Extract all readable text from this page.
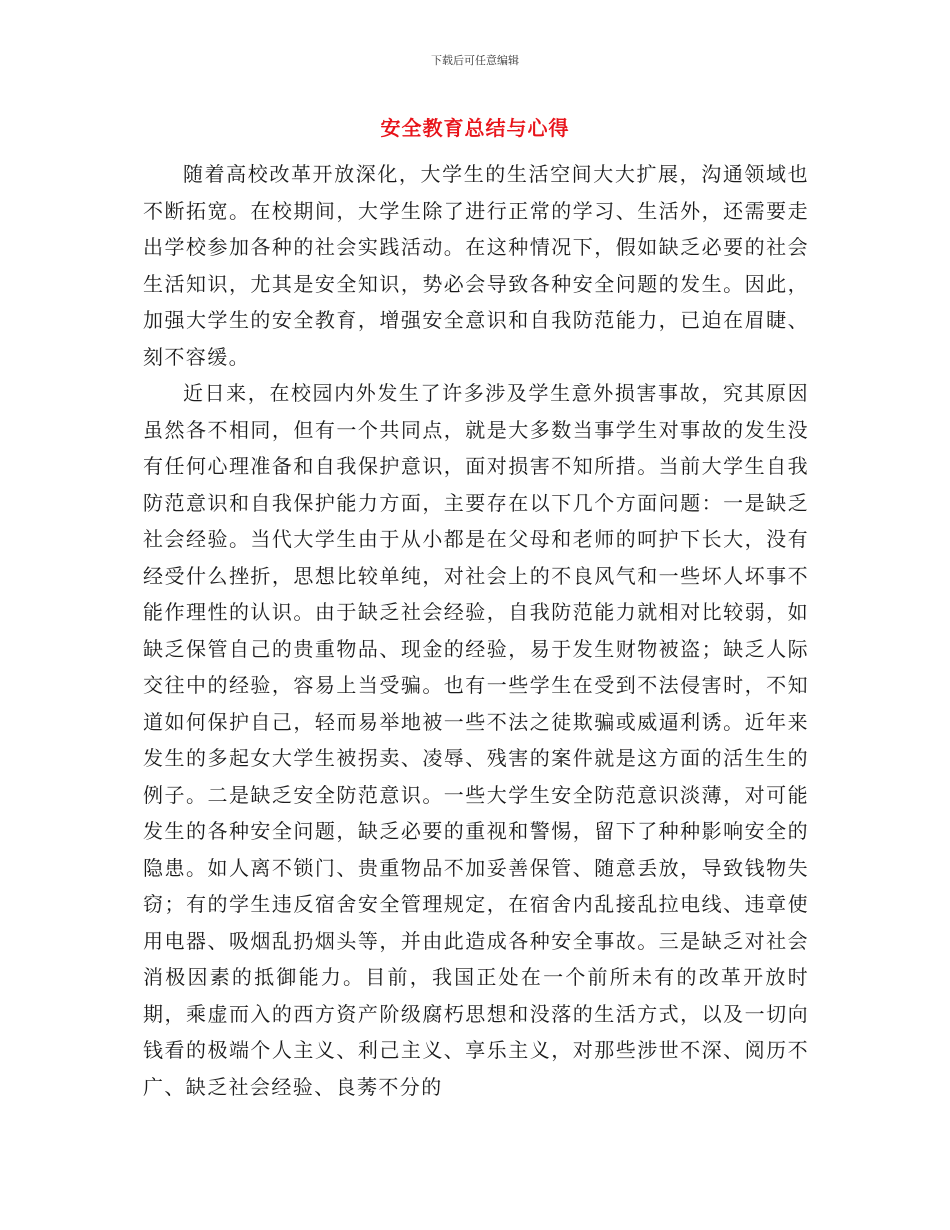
下载后可任意编辑
安全教育总结与心得

随着高校改革开放深化，大学生的生活空间大大扩展，沟通领域也不断拓宽。在校期间，大学生除了进行正常的学习、生活外，还需要走出学校参加各种的社会实践活动。在这种情况下，假如缺乏必要的社会生活知识，尤其是安全知识，势必会导致各种安全问题的发生。因此，加强大学生的安全教育，增强安全意识和自我防范能力，已迫在眉睫、刻不容缓。

近日来，在校园内外发生了许多涉及学生意外损害事故，究其原因虽然各不相同，但有一个共同点，就是大多数当事学生对事故的发生没有任何心理准备和自我保护意识，面对损害不知所措。当前大学生自我防范意识和自我保护能力方面，主要存在以下几个方面问题：一是缺乏社会经验。当代大学生由于从小都是在父母和老师的呵护下长大，没有经受什么挫折，思想比较单纯，对社会上的不良风气和一些坏人坏事不能作理性的认识。由于缺乏社会经验，自我防范能力就相对比较弱，如缺乏保管自己的贵重物品、现金的经验，易于发生财物被盗；缺乏人际交往中的经验，容易上当受骗。也有一些学生在受到不法侵害时，不知道如何保护自己，轻而易举地被一些不法之徒欺骗或威逼利诱。近年来发生的多起女大学生被拐卖、凌辱、残害的案件就是这方面的活生生的例子。二是缺乏安全防范意识。一些大学生安全防范意识淡薄，对可能发生的各种安全问题，缺乏必要的重视和警惕，留下了种种影响安全的隐患。如人离不锁门、贵重物品不加妥善保管、随意丢放，导致钱物失窃；有的学生违反宿舍安全管理规定，在宿舍内乱接乱拉电线、违章使用电器、吸烟乱扔烟头等，并由此造成各种安全事故。三是缺乏对社会消极因素的抵御能力。目前，我国正处在一个前所未有的改革开放时期，乘虚而入的西方资产阶级腐朽思想和没落的生活方式，以及一切向钱看的极端个人主义、利己主义、享乐主义，对那些涉世不深、阅历不广、缺乏社会经验、良莠不分的
